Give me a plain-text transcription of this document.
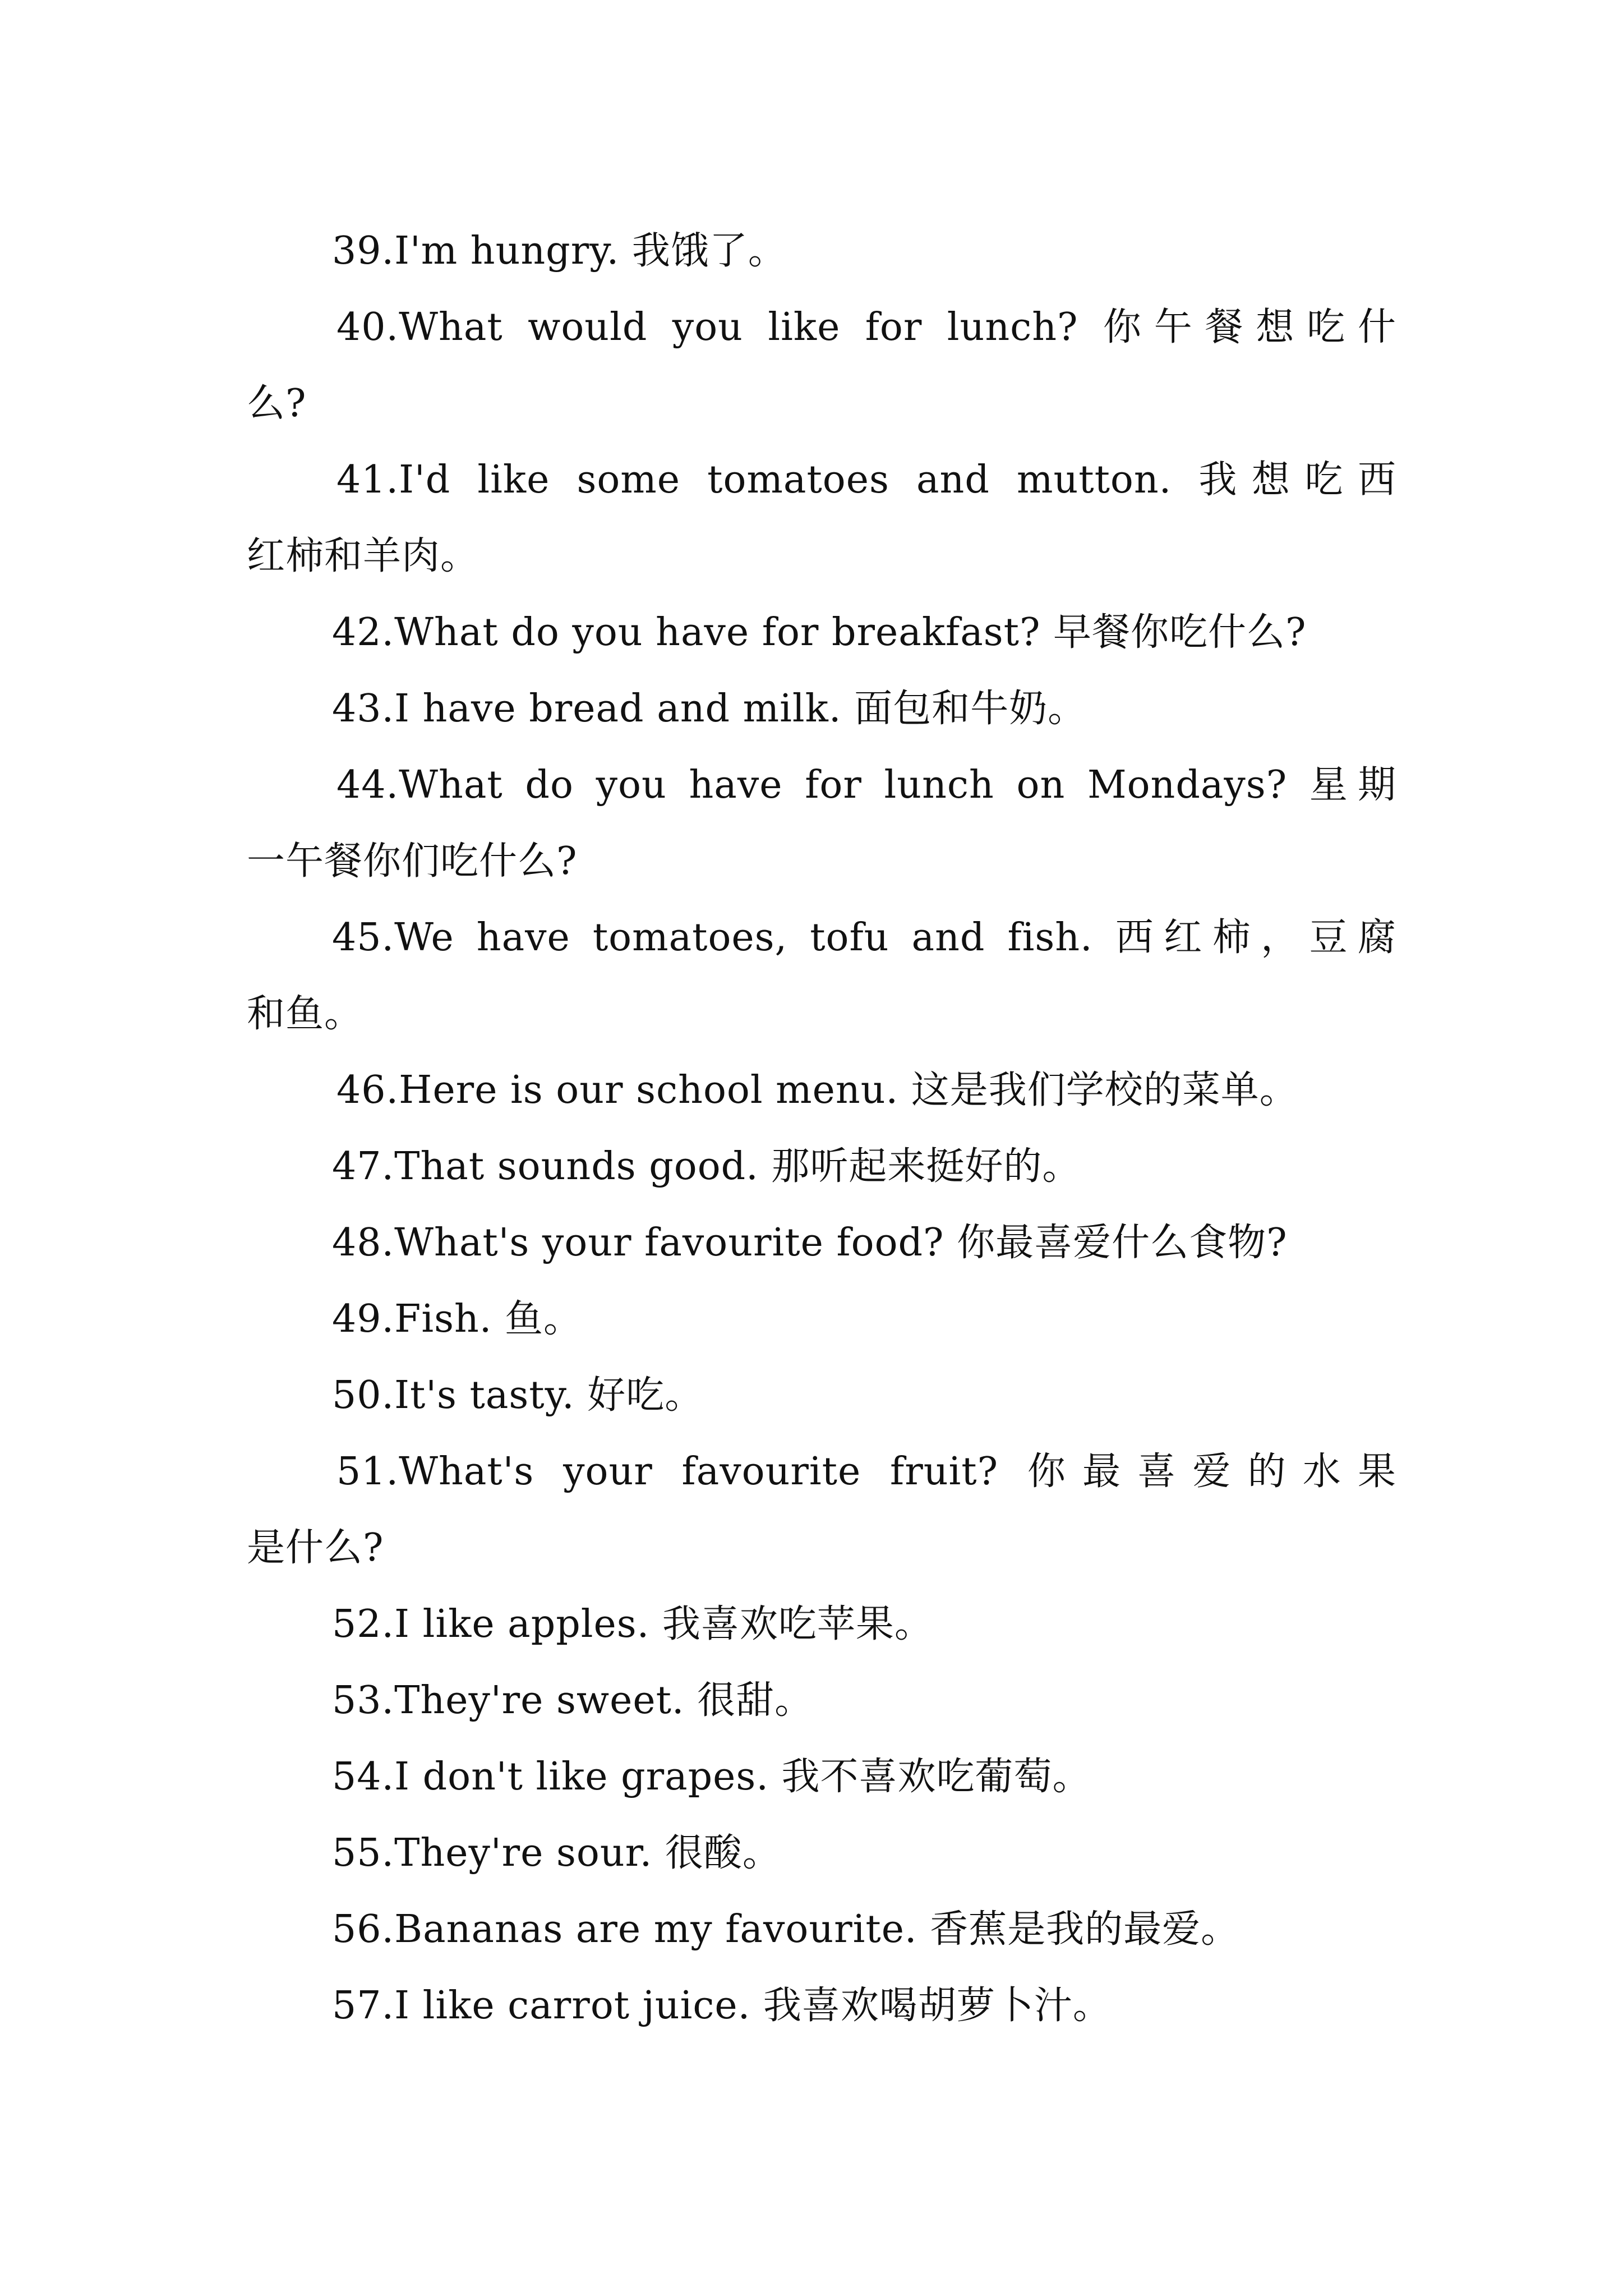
39.I'm hungry. 我饿了。
40.What would you like for lunch? 你午餐想吃什
么?
41.I'd like some tomatoes and mutton. 我想吃西
红柿和羊肉。
42.What do you have for breakfast? 早餐你吃什么?
43.I have bread and milk. 面包和牛奶。
44.What do you have for lunch on Mondays? 星期
一午餐你们吃什么?
45.We have tomatoes, tofu and fish. 西红柿，豆腐
和鱼。
46.Here is our school menu. 这是我们学校的菜单。
47.That sounds good. 那听起来挺好的。
48.What's your favourite food? 你最喜爱什么食物?
49.Fish. 鱼。
50.It's tasty. 好吃。
51.What's your favourite fruit? 你最喜爱的水果
是什么?
52.I like apples. 我喜欢吃苹果。
53.They're sweet. 很甜。
54.I don't like grapes. 我不喜欢吃葡萄。
55.They're sour. 很酸。
56.Bananas are my favourite. 香蕉是我的最爱。
57.I like carrot juice. 我喜欢喝胡萝卜汁。
